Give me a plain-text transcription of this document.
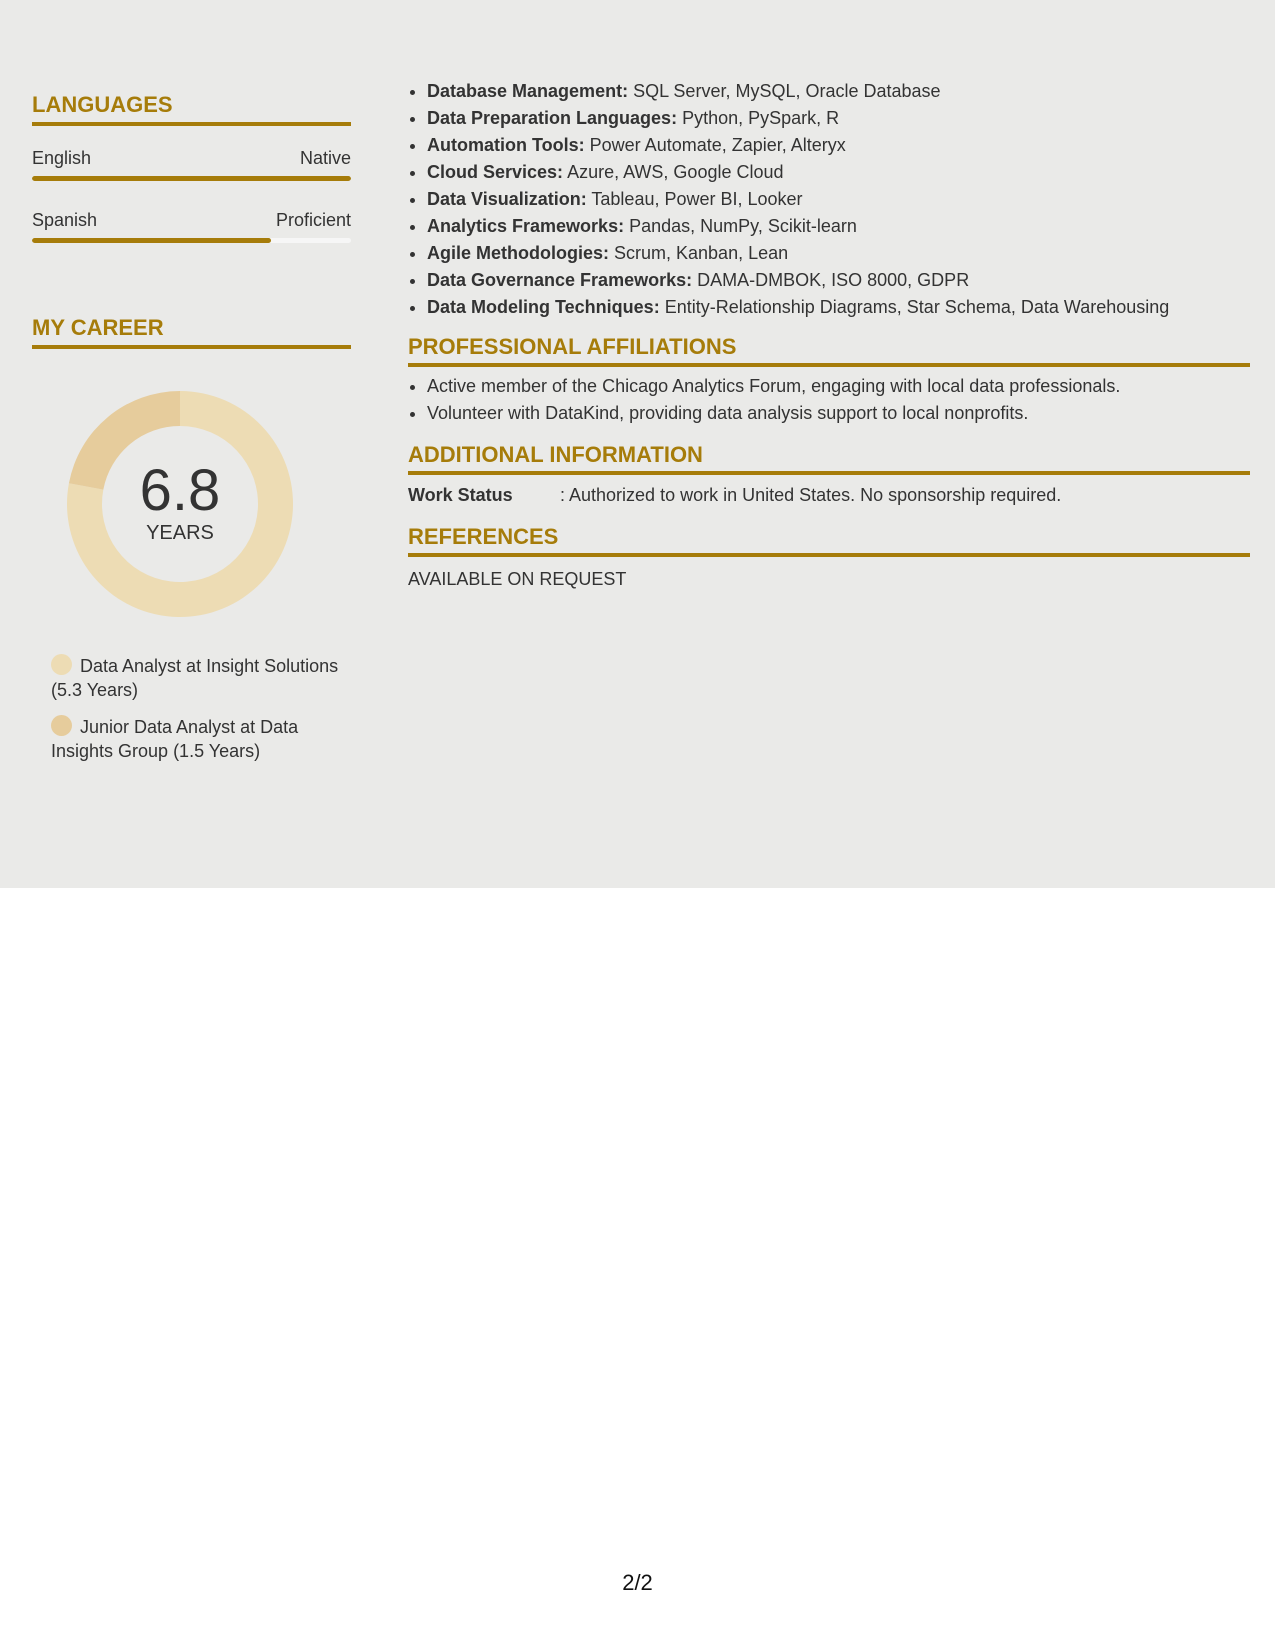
LANGUAGES
English	Native
Spanish	Proficient
MY CAREER
6.8
YEARS
Data Analyst at Insight Solutions (5.3 Years)
Junior Data Analyst at Data Insights Group (1.5 Years)
• Database Management: SQL Server, MySQL, Oracle Database
• Data Preparation Languages: Python, PySpark, R
• Automation Tools: Power Automate, Zapier, Alteryx
• Cloud Services: Azure, AWS, Google Cloud
• Data Visualization: Tableau, Power BI, Looker
• Analytics Frameworks: Pandas, NumPy, Scikit-learn
• Agile Methodologies: Scrum, Kanban, Lean
• Data Governance Frameworks: DAMA-DMBOK, ISO 8000, GDPR
• Data Modeling Techniques: Entity-Relationship Diagrams, Star Schema, Data Warehousing
PROFESSIONAL AFFILIATIONS
• Active member of the Chicago Analytics Forum, engaging with local data professionals.
• Volunteer with DataKind, providing data analysis support to local nonprofits.
ADDITIONAL INFORMATION
Work Status	: Authorized to work in United States. No sponsorship required.
REFERENCES
AVAILABLE ON REQUEST
2/2
